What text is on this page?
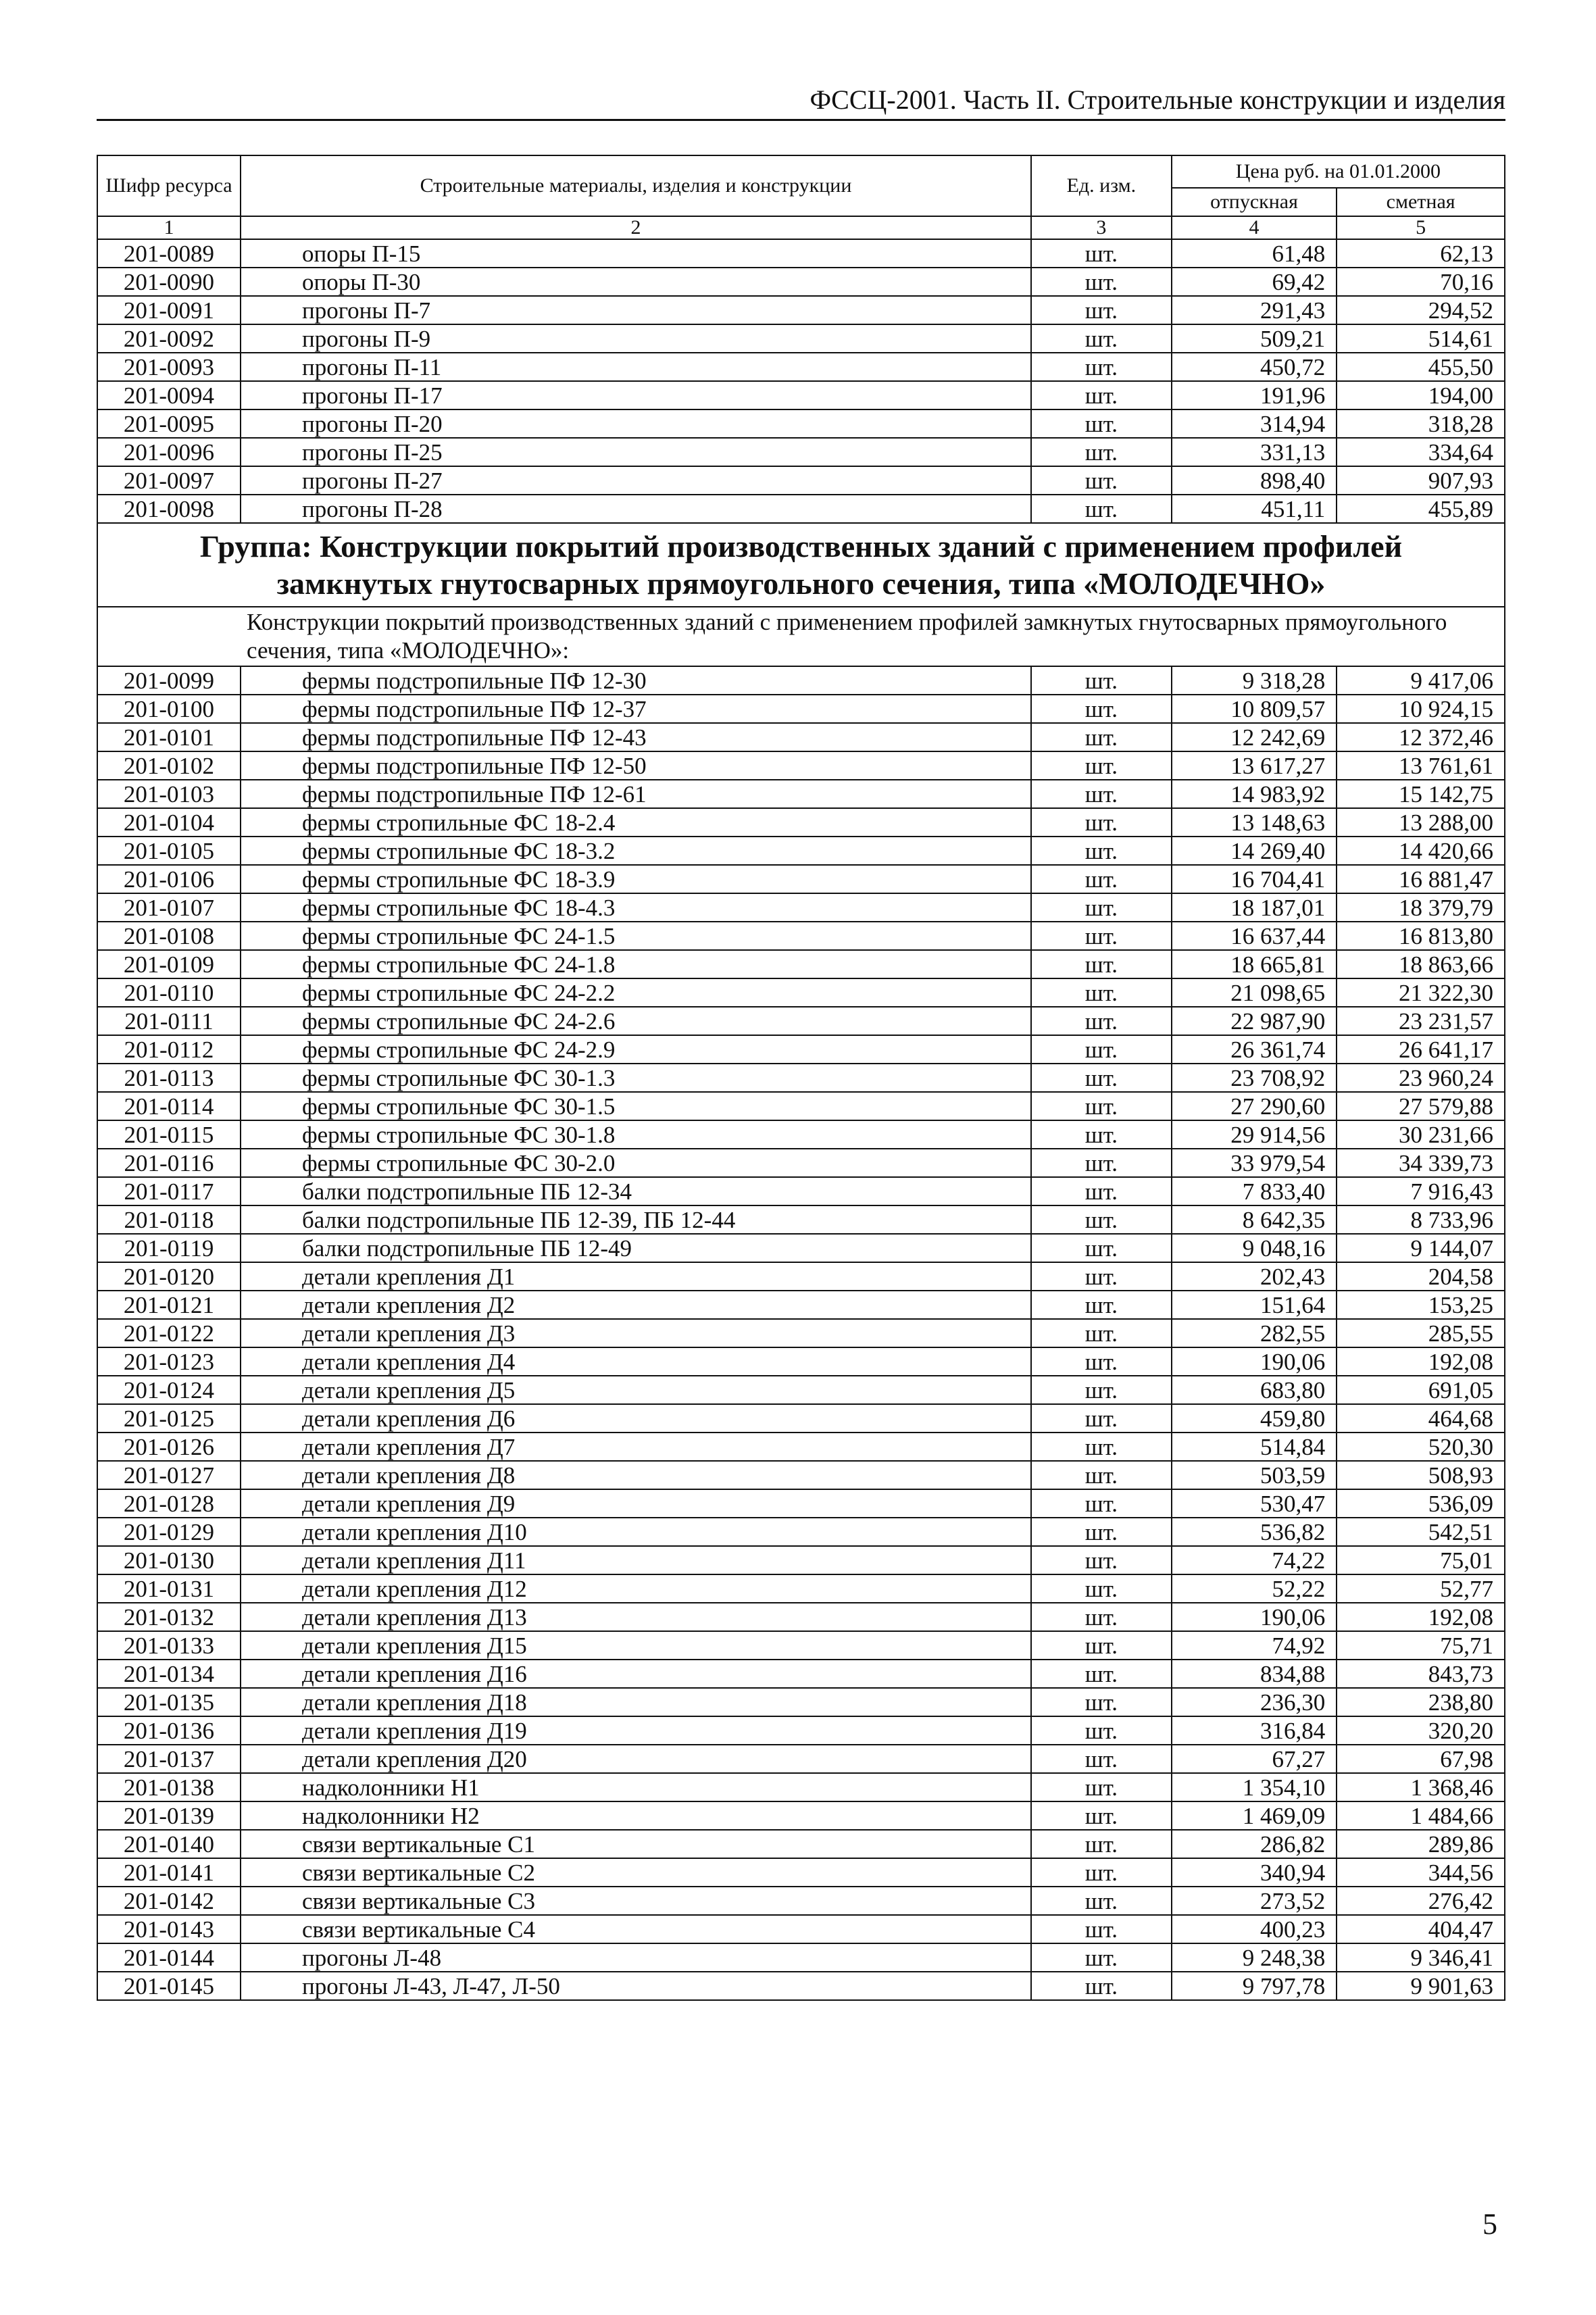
ФССЦ-2001. Часть II. Строительные конструкции и изделия
Шифр ресурса	Строительные материалы, изделия и конструкции	Ед. изм.	Цена руб. на 01.01.2000	
			отпускная	сметная
1	2	3	4	5
201-0089	опоры П-15	шт.	61,48	62,13
201-0090	опоры П-30	шт.	69,42	70,16
201-0091	прогоны П-7	шт.	291,43	294,52
201-0092	прогоны П-9	шт.	509,21	514,61
201-0093	прогоны П-11	шт.	450,72	455,50
201-0094	прогоны П-17	шт.	191,96	194,00
201-0095	прогоны П-20	шт.	314,94	318,28
201-0096	прогоны П-25	шт.	331,13	334,64
201-0097	прогоны П-27	шт.	898,40	907,93
201-0098	прогоны П-28	шт.	451,11	455,89
Группа: Конструкции покрытий производственных зданий с применением профилей замкнутых гнутосварных прямоугольного сечения, типа «МОЛОДЕЧНО»				
Конструкции покрытий производственных зданий с применением профилей замкнутых гнутосварных прямоугольного сечения, типа «МОЛОДЕЧНО»:				
201-0099	фермы подстропильные ПФ 12-30	шт.	9 318,28	9 417,06
201-0100	фермы подстропильные ПФ 12-37	шт.	10 809,57	10 924,15
201-0101	фермы подстропильные ПФ 12-43	шт.	12 242,69	12 372,46
201-0102	фермы подстропильные ПФ 12-50	шт.	13 617,27	13 761,61
201-0103	фермы подстропильные ПФ 12-61	шт.	14 983,92	15 142,75
201-0104	фермы стропильные ФС 18-2.4	шт.	13 148,63	13 288,00
201-0105	фермы стропильные ФС 18-3.2	шт.	14 269,40	14 420,66
201-0106	фермы стропильные ФС 18-3.9	шт.	16 704,41	16 881,47
201-0107	фермы стропильные ФС 18-4.3	шт.	18 187,01	18 379,79
201-0108	фермы стропильные ФС 24-1.5	шт.	16 637,44	16 813,80
201-0109	фермы стропильные ФС 24-1.8	шт.	18 665,81	18 863,66
201-0110	фермы стропильные ФС 24-2.2	шт.	21 098,65	21 322,30
201-0111	фермы стропильные ФС 24-2.6	шт.	22 987,90	23 231,57
201-0112	фермы стропильные ФС 24-2.9	шт.	26 361,74	26 641,17
201-0113	фермы стропильные ФС 30-1.3	шт.	23 708,92	23 960,24
201-0114	фермы стропильные ФС 30-1.5	шт.	27 290,60	27 579,88
201-0115	фермы стропильные ФС 30-1.8	шт.	29 914,56	30 231,66
201-0116	фермы стропильные ФС 30-2.0	шт.	33 979,54	34 339,73
201-0117	балки подстропильные ПБ 12-34	шт.	7 833,40	7 916,43
201-0118	балки подстропильные ПБ 12-39, ПБ 12-44	шт.	8 642,35	8 733,96
201-0119	балки подстропильные ПБ 12-49	шт.	9 048,16	9 144,07
201-0120	детали крепления Д1	шт.	202,43	204,58
201-0121	детали крепления Д2	шт.	151,64	153,25
201-0122	детали крепления Д3	шт.	282,55	285,55
201-0123	детали крепления Д4	шт.	190,06	192,08
201-0124	детали крепления Д5	шт.	683,80	691,05
201-0125	детали крепления Д6	шт.	459,80	464,68
201-0126	детали крепления Д7	шт.	514,84	520,30
201-0127	детали крепления Д8	шт.	503,59	508,93
201-0128	детали крепления Д9	шт.	530,47	536,09
201-0129	детали крепления Д10	шт.	536,82	542,51
201-0130	детали крепления Д11	шт.	74,22	75,01
201-0131	детали крепления Д12	шт.	52,22	52,77
201-0132	детали крепления Д13	шт.	190,06	192,08
201-0133	детали крепления Д15	шт.	74,92	75,71
201-0134	детали крепления Д16	шт.	834,88	843,73
201-0135	детали крепления Д18	шт.	236,30	238,80
201-0136	детали крепления Д19	шт.	316,84	320,20
201-0137	детали крепления Д20	шт.	67,27	67,98
201-0138	надколонники Н1	шт.	1 354,10	1 368,46
201-0139	надколонники Н2	шт.	1 469,09	1 484,66
201-0140	связи вертикальные С1	шт.	286,82	289,86
201-0141	связи вертикальные С2	шт.	340,94	344,56
201-0142	связи вертикальные С3	шт.	273,52	276,42
201-0143	связи вертикальные С4	шт.	400,23	404,47
201-0144	прогоны Л-48	шт.	9 248,38	9 346,41
201-0145	прогоны Л-43, Л-47, Л-50	шт.	9 797,78	9 901,63
5
